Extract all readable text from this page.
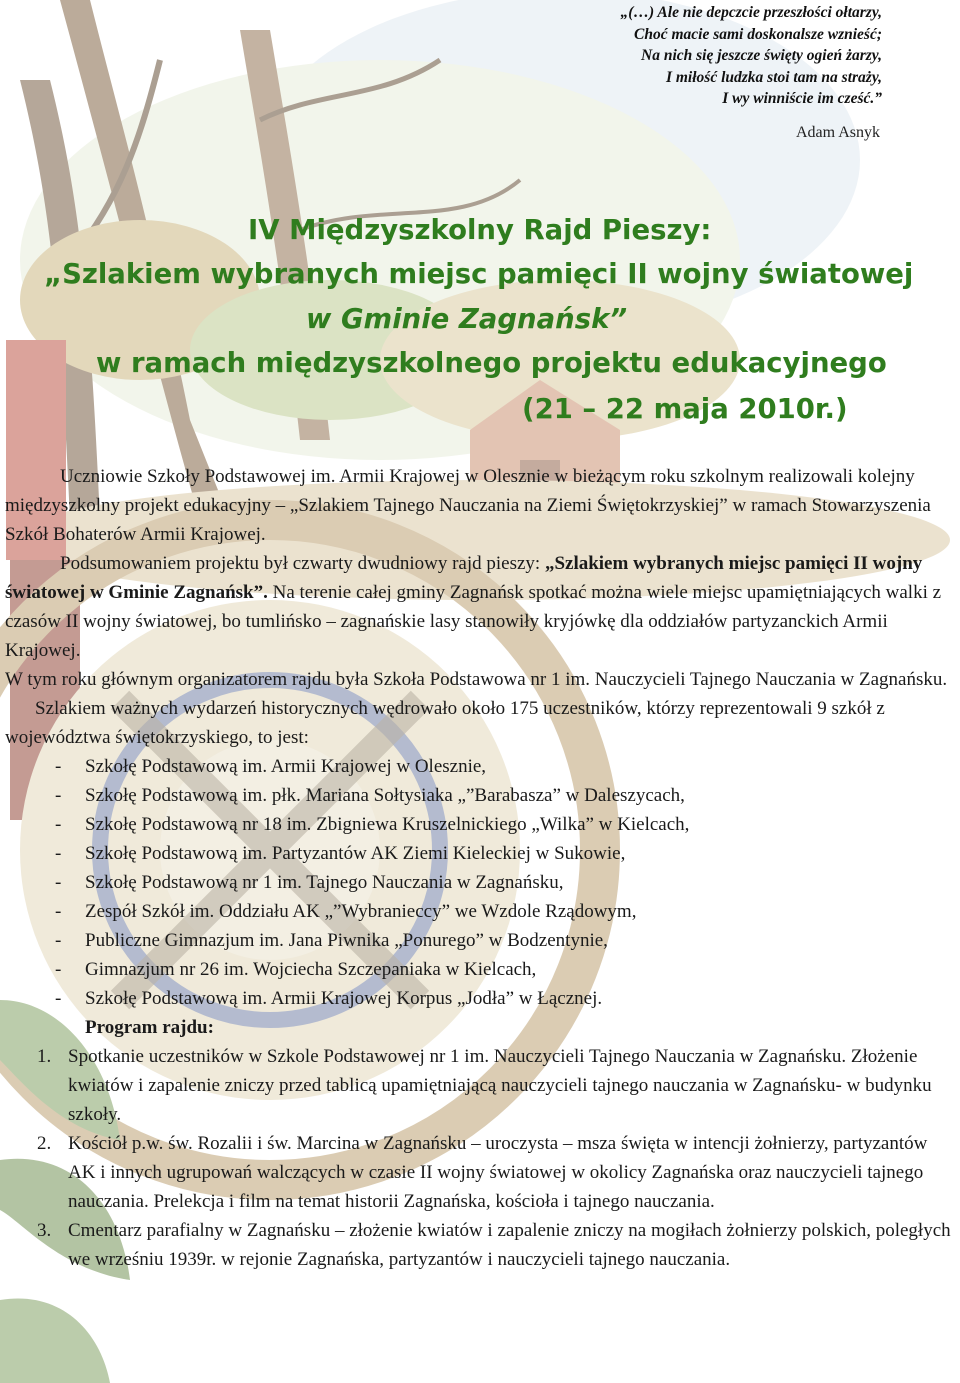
„(…) Ale nie depczcie przeszłości ołtarzy,
Choć macie sami doskonalsze wznieść;
Na nich się jeszcze święty ogień żarzy,
I miłość ludzka stoi tam na straży,
I wy winniście im cześć.”
Adam Asnyk
IV Międzyszkolny Rajd Pieszy:
„Szlakiem wybranych miejsc pamięci II wojny światowej
w Gminie Zagnańsk”
w ramach międzyszkolnego projektu edukacyjnego
(21 – 22 maja 2010r.)

Uczniowie Szkoły Podstawowej im. Armii Krajowej w Olesznie w bieżącym roku szkolnym realizowali kolejny międzyszkolny projekt edukacyjny – „Szlakiem Tajnego Nauczania na Ziemi Świętokrzyskiej” w ramach Stowarzyszenia Szkół Bohaterów Armii Krajowej.

Podsumowaniem projektu był czwarty dwudniowy rajd pieszy: „Szlakiem wybranych miejsc pamięci II wojny światowej w Gminie Zagnańsk”. Na terenie całej gminy Zagnańsk spotkać można wiele miejsc upamiętniających walki z czasów II wojny światowej, bo tumlińsko – zagnańskie lasy stanowiły kryjówkę dla oddziałów partyzanckich Armii Krajowej.

W tym roku głównym organizatorem rajdu była Szkoła Podstawowa nr 1 im. Nauczycieli Tajnego Nauczania w Zagnańsku.

Szlakiem ważnych wydarzeń historycznych wędrowało około 175 uczestników, którzy reprezentowali 9 szkół z województwa świętokrzyskiego, to jest:

- Szkołę Podstawową im. Armii Krajowej w Olesznie,
- Szkołę Podstawową im. płk. Mariana Sołtysiaka „”Barabasza” w Daleszycach,
- Szkołę Podstawową nr 18 im. Zbigniewa Kruszelnickiego „Wilka” w Kielcach,
- Szkołę Podstawową im. Partyzantów AK Ziemi Kieleckiej w Sukowie,
- Szkołę Podstawową nr 1 im. Tajnego Nauczania w Zagnańsku,
- Zespół Szkół im. Oddziału AK „”Wybranieccy” we Wzdole Rządowym,
- Publiczne Gimnazjum im. Jana Piwnika „Ponurego” w Bodzentynie,
- Gimnazjum nr 26 im. Wojciecha Szczepaniaka w Kielcach,
- Szkołę Podstawową im. Armii Krajowej Korpus „Jodła” w Łącznej.

Program rajdu:

1. Spotkanie uczestników w Szkole Podstawowej nr 1 im. Nauczycieli Tajnego Nauczania w Zagnańsku. Złożenie kwiatów i zapalenie zniczy przed tablicą upamiętniającą nauczycieli tajnego nauczania w Zagnańsku- w budynku szkoły.
2. Kościół p.w. św. Rozalii i św. Marcina w Zagnańsku – uroczysta – msza święta w intencji żołnierzy, partyzantów AK i innych ugrupowań walczących w czasie II wojny światowej w okolicy Zagnańska oraz nauczycieli tajnego nauczania. Prelekcja i film na temat historii Zagnańska, kościoła i tajnego nauczania.
3. Cmentarz parafialny w Zagnańsku – złożenie kwiatów i zapalenie zniczy na mogiłach żołnierzy polskich, poległych we wrześniu 1939r. w rejonie Zagnańska, partyzantów i nauczycieli tajnego nauczania.
